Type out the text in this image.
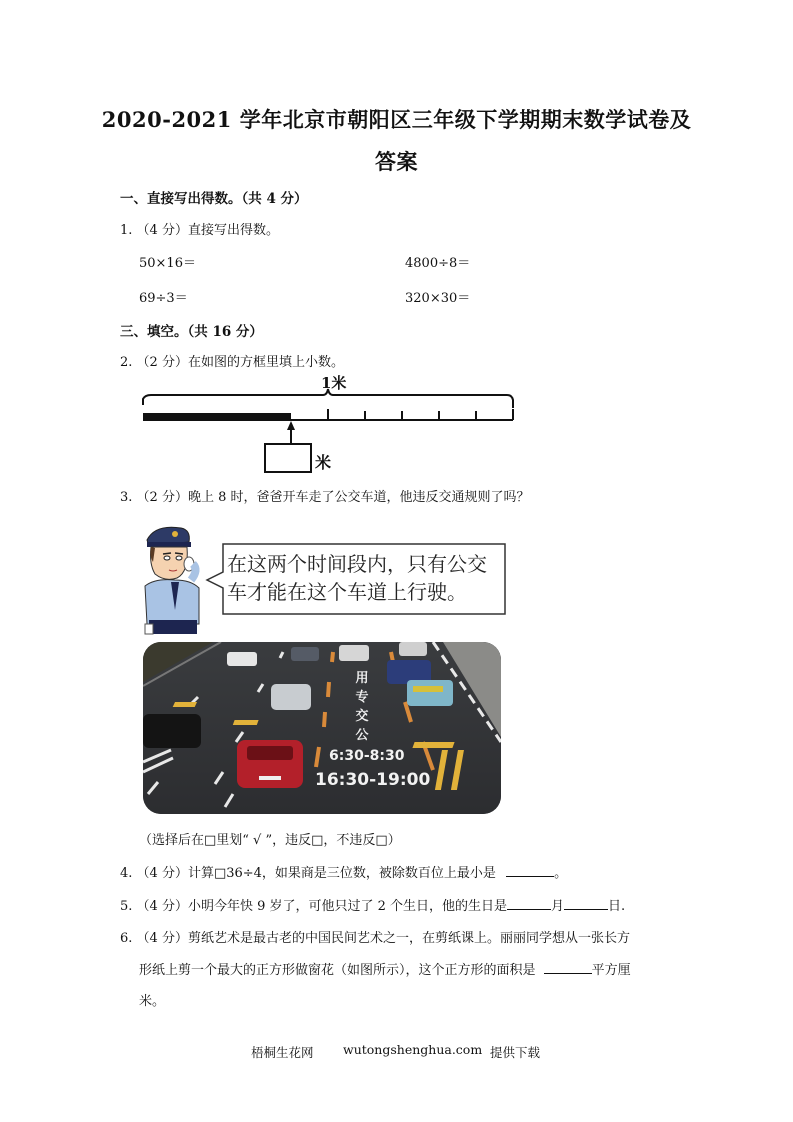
2020-2021 学年北京市朝阳区三年级下学期期末数学试卷及
答案
一、直接写出得数。（共 4 分）
1. （4 分）直接写出得数。
50×16＝	4800÷8＝
69÷3＝	320×30＝
三、填空。（共 16 分）
2. （2 分）在如图的方框里填上小数。
1米
米
3. （2 分）晚上 8 时，爸爸开车走了公交车道，他违反交通规则了吗？
在这两个时间段内，只有公交
车才能在这个车道上行驶。
用
专
交
公
6:30-8:30
16:30-19:00
（选择后在□里划“ √ ”，违反□，不违反□）
4. （4 分）计算□36÷4，如果商是三位数，被除数百位上最小是	。
5. （4 分）小明今年快 9 岁了，可他只过了 2 个生日，他的生日是	月	日.
6. （4 分）剪纸艺术是最古老的中国民间艺术之一，在剪纸课上。丽丽同学想从一张长方
形纸上剪一个最大的正方形做窗花（如图所示），这个正方形的面积是	平方厘
米。
梧桐生花网 wutongshenghua.com 提供下载
